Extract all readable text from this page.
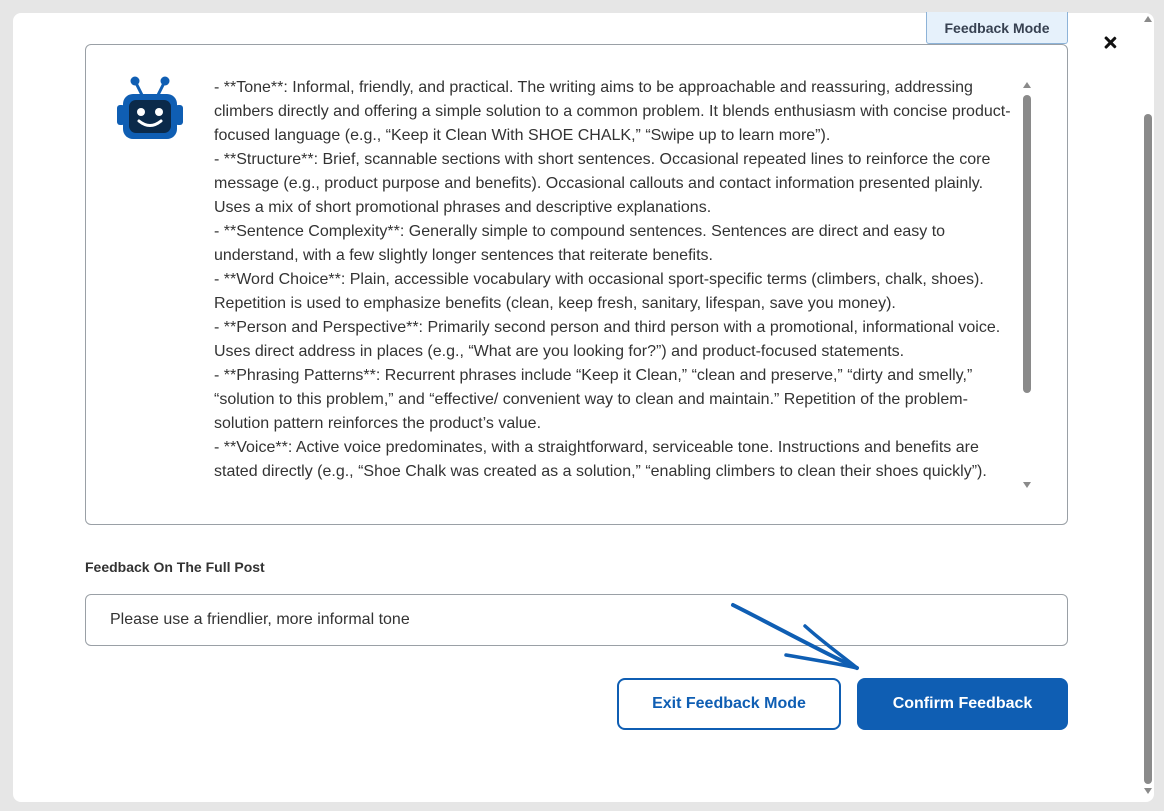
Feedback Mode

- **Tone**: Informal, friendly, and practical. The writing aims to be approachable and reassuring, addressing climbers directly and offering a simple solution to a common problem. It blends enthusiasm with concise product-focused language (e.g., “Keep it Clean With SHOE CHALK,” “Swipe up to learn more”).

- **Structure**: Brief, scannable sections with short sentences. Occasional repeated lines to reinforce the core message (e.g., product purpose and benefits). Occasional callouts and contact information presented plainly. Uses a mix of short promotional phrases and descriptive explanations.

- **Sentence Complexity**: Generally simple to compound sentences. Sentences are direct and easy to understand, with a few slightly longer sentences that reiterate benefits.

- **Word Choice**: Plain, accessible vocabulary with occasional sport-specific terms (climbers, chalk, shoes). Repetition is used to emphasize benefits (clean, keep fresh, sanitary, lifespan, save you money).

- **Person and Perspective**: Primarily second person and third person with a promotional, informational voice. Uses direct address in places (e.g., “What are you looking for?”) and product-focused statements.

- **Phrasing Patterns**: Recurrent phrases include “Keep it Clean,” “clean and preserve,” “dirty and smelly,” “solution to this problem,” and “effective/ convenient way to clean and maintain.” Repetition of the problem-solution pattern reinforces the product’s value.

- **Voice**: Active voice predominates, with a straightforward, serviceable tone. Instructions and benefits are stated directly (e.g., “Shoe Chalk was created as a solution,” “enabling climbers to clean their shoes quickly”).

Feedback On The Full Post
Please use a friendlier, more informal tone
Exit Feedback Mode	Confirm Feedback
